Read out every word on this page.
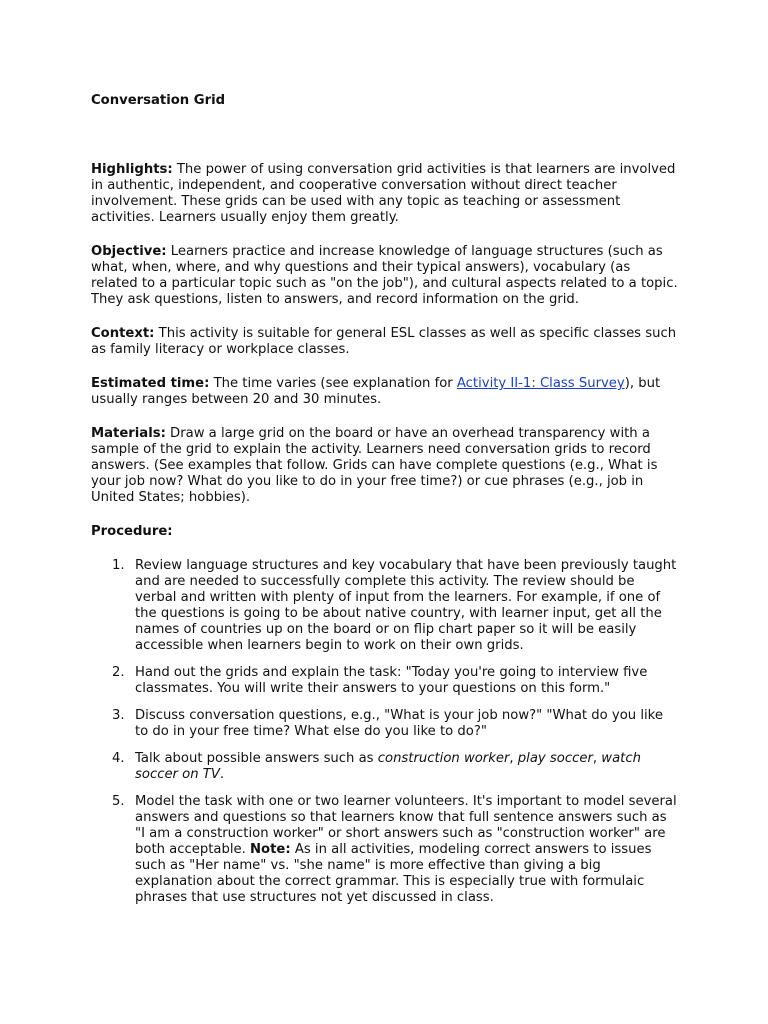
Conversation Grid

Highlights: The power of using conversation grid activities is that learners are involved in authentic, independent, and cooperative conversation without direct teacher involvement. These grids can be used with any topic as teaching or assessment activities. Learners usually enjoy them greatly.

Objective: Learners practice and increase knowledge of language structures (such as what, when, where, and why questions and their typical answers), vocabulary (as related to a particular topic such as "on the job"), and cultural aspects related to a topic. They ask questions, listen to answers, and record information on the grid.

Context: This activity is suitable for general ESL classes as well as specific classes such as family literacy or workplace classes.

Estimated time: The time varies (see explanation for Activity II-1: Class Survey), but usually ranges between 20 and 30 minutes.

Materials: Draw a large grid on the board or have an overhead transparency with a sample of the grid to explain the activity. Learners need conversation grids to record answers. (See examples that follow. Grids can have complete questions (e.g., What is your job now? What do you like to do in your free time?) or cue phrases (e.g., job in United States; hobbies).

Procedure:

1. Review language structures and key vocabulary that have been previously taught and are needed to successfully complete this activity. The review should be verbal and written with plenty of input from the learners. For example, if one of the questions is going to be about native country, with learner input, get all the names of countries up on the board or on flip chart paper so it will be easily accessible when learners begin to work on their own grids.
2. Hand out the grids and explain the task: "Today you're going to interview five classmates. You will write their answers to your questions on this form."
3. Discuss conversation questions, e.g., "What is your job now?" "What do you like to do in your free time? What else do you like to do?"
4. Talk about possible answers such as construction worker, play soccer, watch soccer on TV.
5. Model the task with one or two learner volunteers. It's important to model several answers and questions so that learners know that full sentence answers such as "I am a construction worker" or short answers such as "construction worker" are both acceptable. Note: As in all activities, modeling correct answers to issues such as "Her name" vs. "she name" is more effective than giving a big explanation about the correct grammar. This is especially true with formulaic phrases that use structures not yet discussed in class.
